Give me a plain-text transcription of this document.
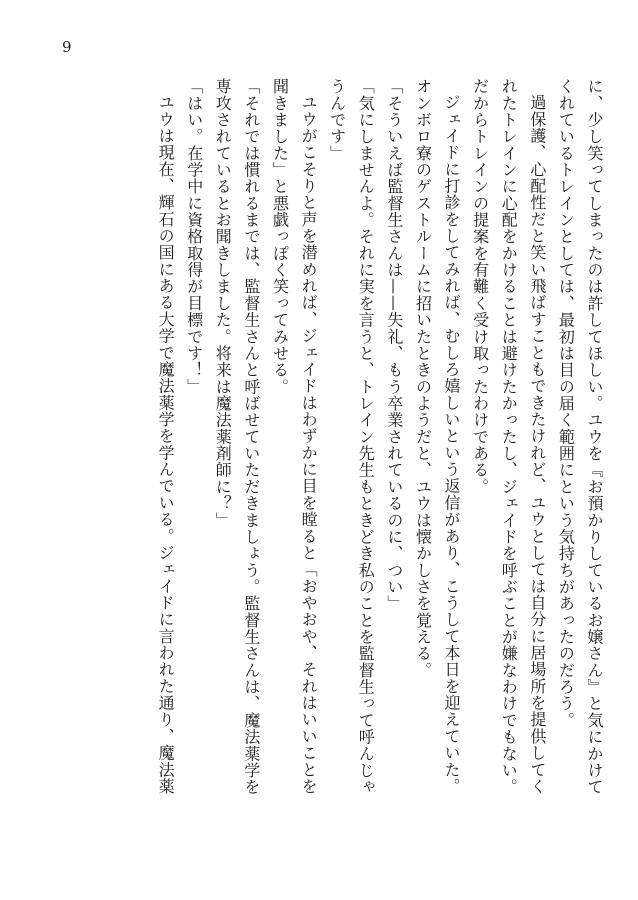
9
に、少し笑ってしまったのは許してほしい。ユウを『お預かりしているお嬢さん』と気にかけて
くれているトレインとしては、最初は目の届く範囲にという気持ちがあったのだろう。
過保護、心配性だと笑い飛ばすこともできたけれど、ユウとしては自分に居場所を提供してく
れたトレインに心配をかけることは避けたかったし、ジェイドを呼ぶことが嫌なわけでもない。
だからトレインの提案を有難く受け取ったわけである。
ジェイドに打診をしてみれば、むしろ嬉しいという返信があり、こうして本日を迎えていた。
オンボロ寮のゲストルームに招いたときのようだと、ユウは懐かしさを覚える。
「そういえば監督生さんは——失礼、もう卒業されているのに、つい」
「気にしませんよ。それに実を言うと、トレイン先生もときどき私のことを監督生って呼んじゃ
うんです」
ユウがこそりと声を潜めれば、ジェイドはわずかに目を瞠ると「おやおや、それはいいことを
聞きました」と悪戯っぽく笑ってみせる。
「それでは慣れるまでは、監督生さんと呼ばせていただきましょう。監督生さんは、魔法薬学を
専攻されているとお聞きしました。将来は魔法薬剤師に？」
「はい。在学中に資格取得が目標です！」
ユウは現在、輝石の国にある大学で魔法薬学を学んでいる。ジェイドに言われた通り、魔法薬
